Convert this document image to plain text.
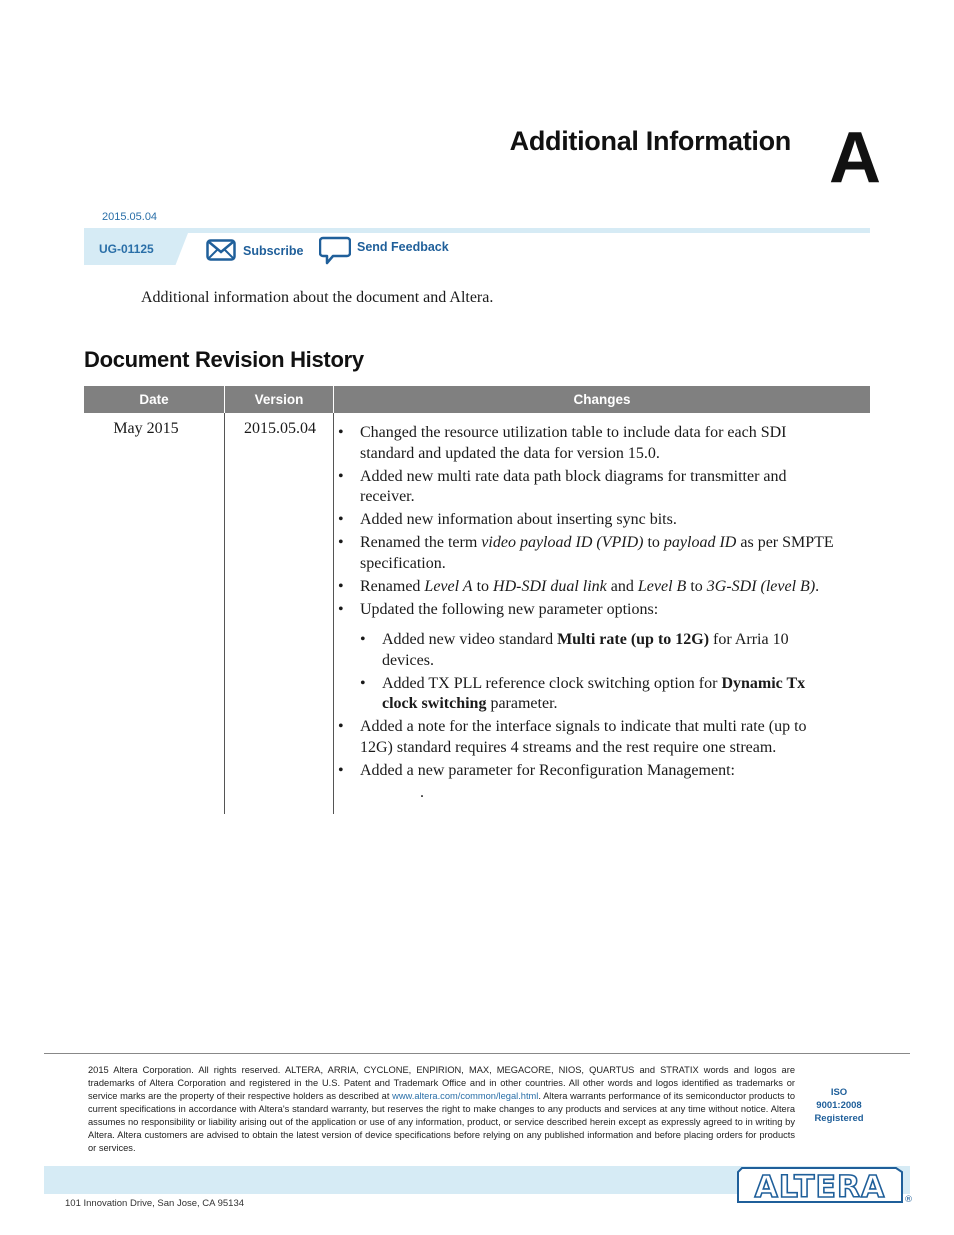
Additional Information A
2015.05.04
UG-01125	Subscribe	Send Feedback
Additional information about the document and Altera.
Document Revision History
Date	Version	Changes
May 2015	2015.05.04
•	Changed the resource utilization table to include data for each SDI standard and updated the data for version 15.0.
• Added new multi rate data path block diagrams for transmitter and receiver.
• Added new information about inserting sync bits.
• Renamed the term video payload ID (VPID) to payload ID as per SMPTE specification.
• Renamed Level A to HD-SDI dual link and Level B to 3G-SDI (level B).
• Updated the following new parameter options:
• Added new video standard Multi rate (up to 12G) for Arria 10 devices.
• Added TX PLL reference clock switching option for Dynamic Tx clock switching parameter.
• Added a note for the interface signals to indicate that multi rate (up to 12G) standard requires 4 streams and the rest require one stream.
• Added a new parameter for Reconfiguration Management:
.
2015 Altera Corporation. All rights reserved. ALTERA, ARRIA, CYCLONE, ENPIRION, MAX, MEGACORE, NIOS, QUARTUS and STRATIX words and logos are trademarks of Altera Corporation and registered in the U.S. Patent and Trademark Office and in other countries. All other words and logos identified as trademarks or service marks are the property of their respective holders as described at www.altera.com/common/legal.html. Altera warrants performance of its semiconductor products to current specifications in accordance with Altera's standard warranty, but reserves the right to make changes to any products and services at any time without notice. Altera assumes no responsibility or liability arising out of the application or use of any information, product, or service described herein except as expressly agreed to in writing by Altera. Altera customers are advised to obtain the latest version of device specifications before relying on any published information and before placing orders for products or services.
ISO
9001:2008
Registered
101 Innovation Drive, San Jose, CA 95134	ALTERA ®
